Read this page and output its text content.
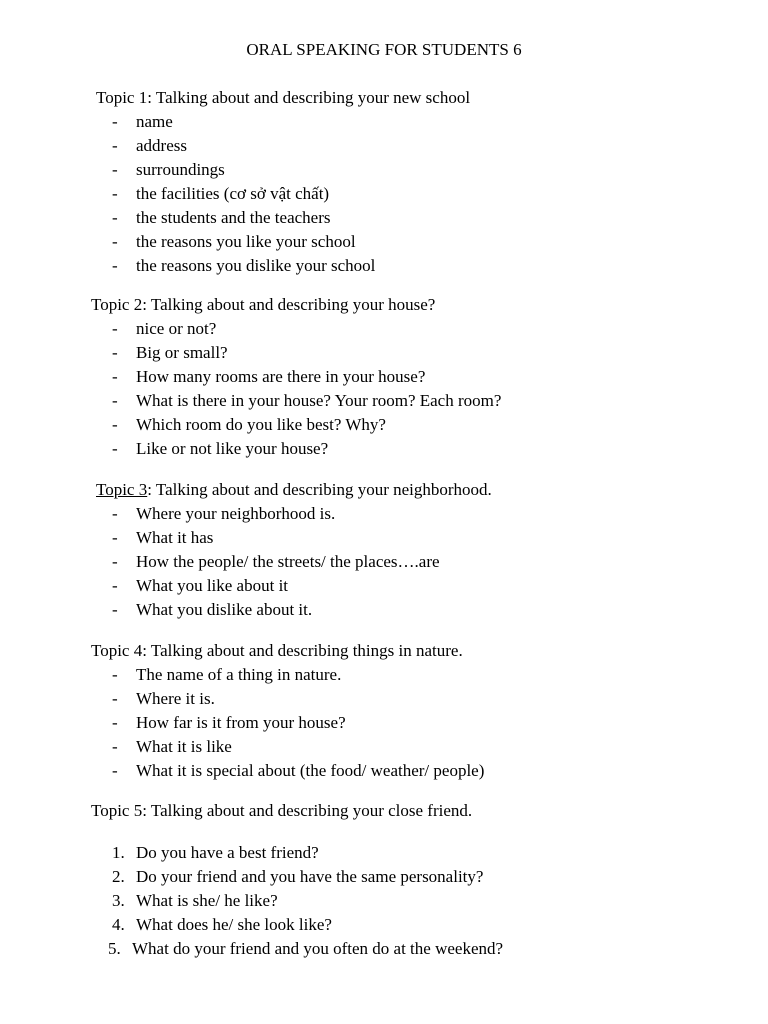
ORAL SPEAKING FOR STUDENTS 6
Topic 1: Talking about and describing your new school
- name
- address
- surroundings
- the facilities (cơ sở vật chất)
- the students and the teachers
- the reasons you like your school
- the reasons you dislike your school
Topic 2: Talking about and describing your house?
- nice or not?
- Big or small?
- How many rooms are there in your house?
- What is there in your house? Your room? Each room?
- Which room do you like best? Why?
- Like or not like your house?
Topic 3: Talking about and describing your neighborhood.
- Where your neighborhood is.
- What it has
- How the people/ the streets/ the places….are
- What you like about it
- What you dislike about it.
Topic 4: Talking about and describing things in nature.
- The name of a thing in nature.
- Where it is.
- How far is it from your house?
- What it is like
- What it is special about (the food/ weather/ people)
Topic 5: Talking about and describing your close friend.
1. Do you have a best friend?
2. Do your friend and you have the same personality?
3. What is she/ he like?
4. What does he/ she look like?
5. What do your friend and you often do at the weekend?
